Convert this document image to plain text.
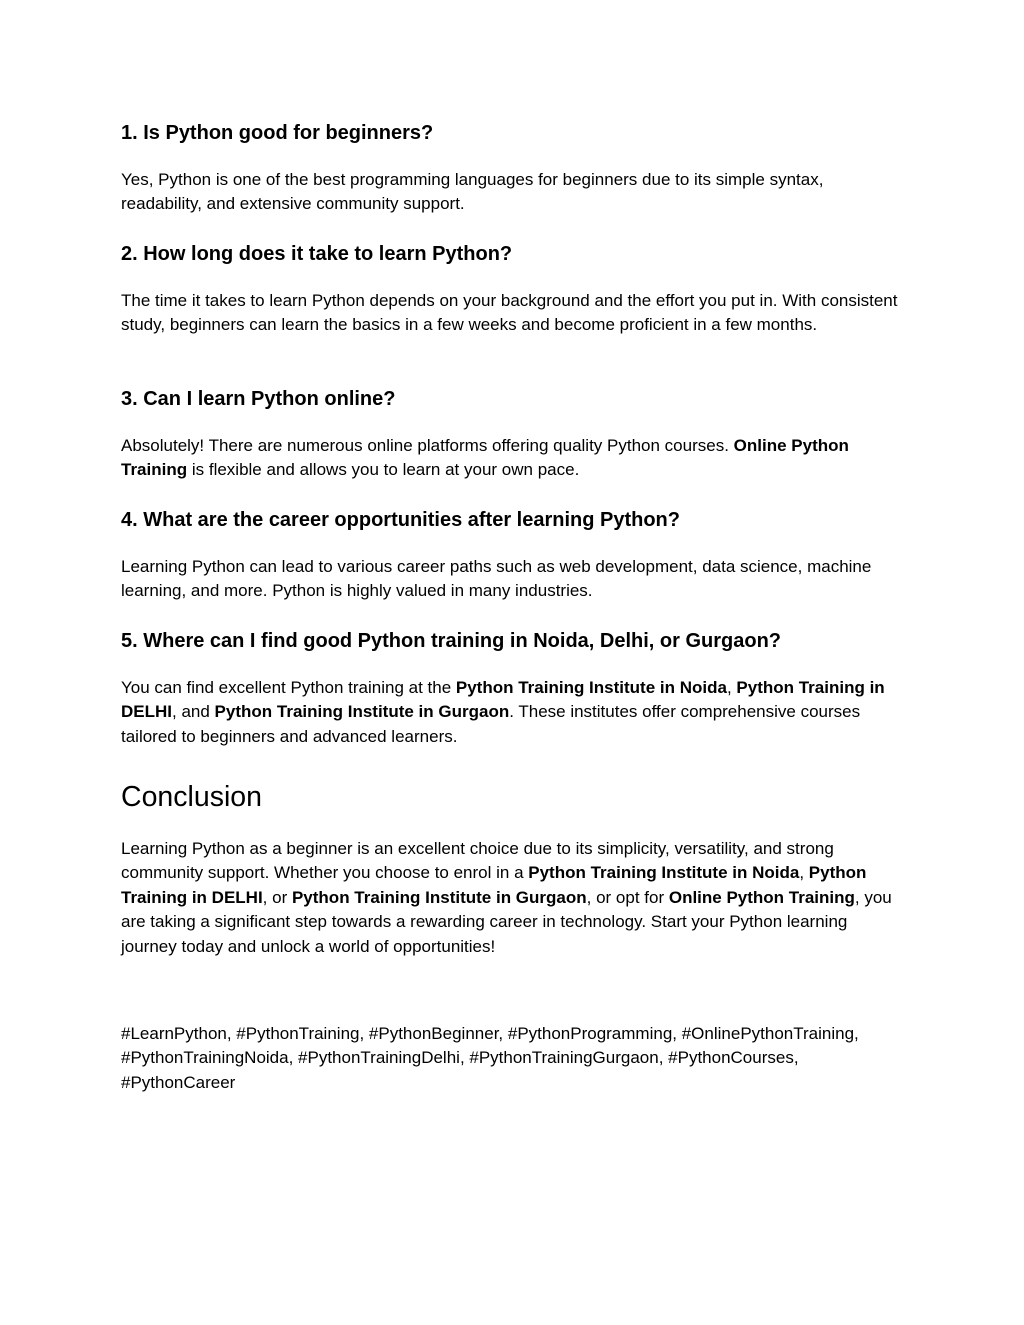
1. Is Python good for beginners?

Yes, Python is one of the best programming languages for beginners due to its simple syntax, readability, and extensive community support.

2. How long does it take to learn Python?

The time it takes to learn Python depends on your background and the effort you put in. With consistent study, beginners can learn the basics in a few weeks and become proficient in a few months.

3. Can I learn Python online?

Absolutely! There are numerous online platforms offering quality Python courses. Online Python Training is flexible and allows you to learn at your own pace.

4. What are the career opportunities after learning Python?

Learning Python can lead to various career paths such as web development, data science, machine learning, and more. Python is highly valued in many industries.

5. Where can I find good Python training in Noida, Delhi, or Gurgaon?

You can find excellent Python training at the Python Training Institute in Noida, Python Training in DELHI, and Python Training Institute in Gurgaon. These institutes offer comprehensive courses tailored to beginners and advanced learners.

Conclusion

Learning Python as a beginner is an excellent choice due to its simplicity, versatility, and strong community support. Whether you choose to enrol in a Python Training Institute in Noida, Python Training in DELHI, or Python Training Institute in Gurgaon, or opt for Online Python Training, you are taking a significant step towards a rewarding career in technology. Start your Python learning journey today and unlock a world of opportunities!

#LearnPython, #PythonTraining, #PythonBeginner, #PythonProgramming, #OnlinePythonTraining, #PythonTrainingNoida, #PythonTrainingDelhi, #PythonTrainingGurgaon, #PythonCourses, #PythonCareer
